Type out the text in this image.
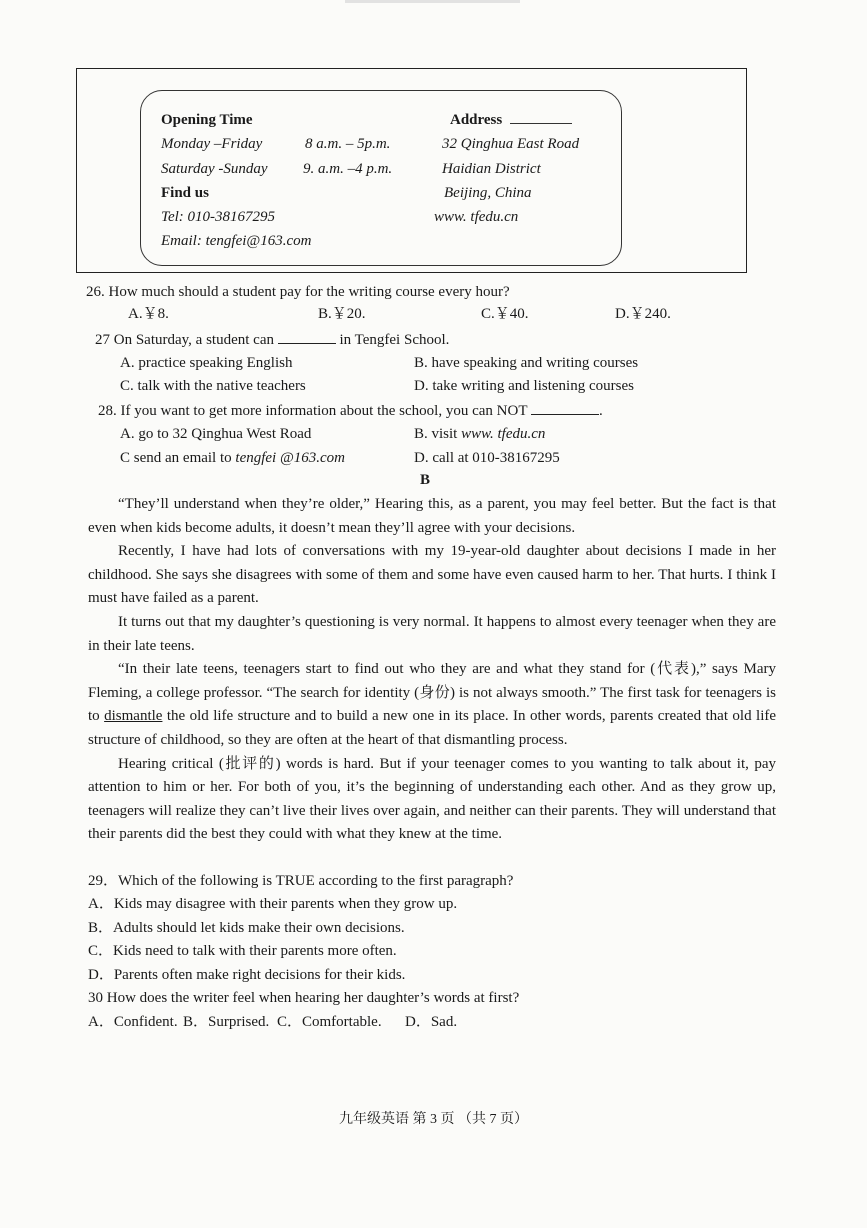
Opening Time
Monday –Friday	8 a.m. – 5p.m.
Saturday -Sunday 9. a.m. –4 p.m.
Find us
Tel: 010-38167295
Email: tengfei@163.com
Address
32 Qinghua East Road
Haidian District
Beijing, China
www. tfedu.cn
26. How much should a student pay for the writing course every hour?
A.￥8.	B.￥20.	C.￥40.	D.￥240.
27 On Saturday, a student can	in Tengfei School.
A. practice speaking English	B. have speaking and writing courses
C. talk with the native teachers	D. take writing and listening courses
28. If you want to get more information about the school, you can NOT	.
A. go to 32 Qinghua West Road	B. visit www. tfedu.cn
C send an email to tengfei @163.com	D. call at 010-38167295
B

“They’ll understand when they’re older,” Hearing this, as a parent, you may feel better. But the fact is that even when kids become adults, it doesn’t mean they’ll agree with your decisions.

Recently, I have had lots of conversations with my 19-year-old daughter about decisions I made in her childhood. She says she disagrees with some of them and some have even caused harm to her. That hurts. I think I must have failed as a parent.

It turns out that my daughter’s questioning is very normal. It happens to almost every teenager when they are in their late teens.

“In their late teens, teenagers start to find out who they are and what they stand for (代表),” says Mary Fleming, a college professor. “The search for identity (身份) is not always smooth.” The first task for teenagers is to dismantle the old life structure and to build a new one in its place. In other words, parents created that old life structure of childhood, so they are often at the heart of that dismantling process.

Hearing critical (批评的) words is hard. But if your teenager comes to you wanting to talk about it, pay attention to him or her. For both of you, it’s the beginning of understanding each other. And as they grow up, teenagers will realize they can’t live their lives over again, and neither can their parents. They will understand that their parents did the best they could with what they knew at the time.

29．Which of the following is TRUE according to the first paragraph?
A．Kids may disagree with their parents when they grow up.
B．Adults should let kids make their own decisions.
C．Kids need to talk with their parents more often.
D．Parents often make right decisions for their kids.
30 How does the writer feel when hearing her daughter’s words at first?
A．Confident. B．Surprised. C．Comfortable. D．Sad.
九年级英语 第 3 页 （共 7 页）
